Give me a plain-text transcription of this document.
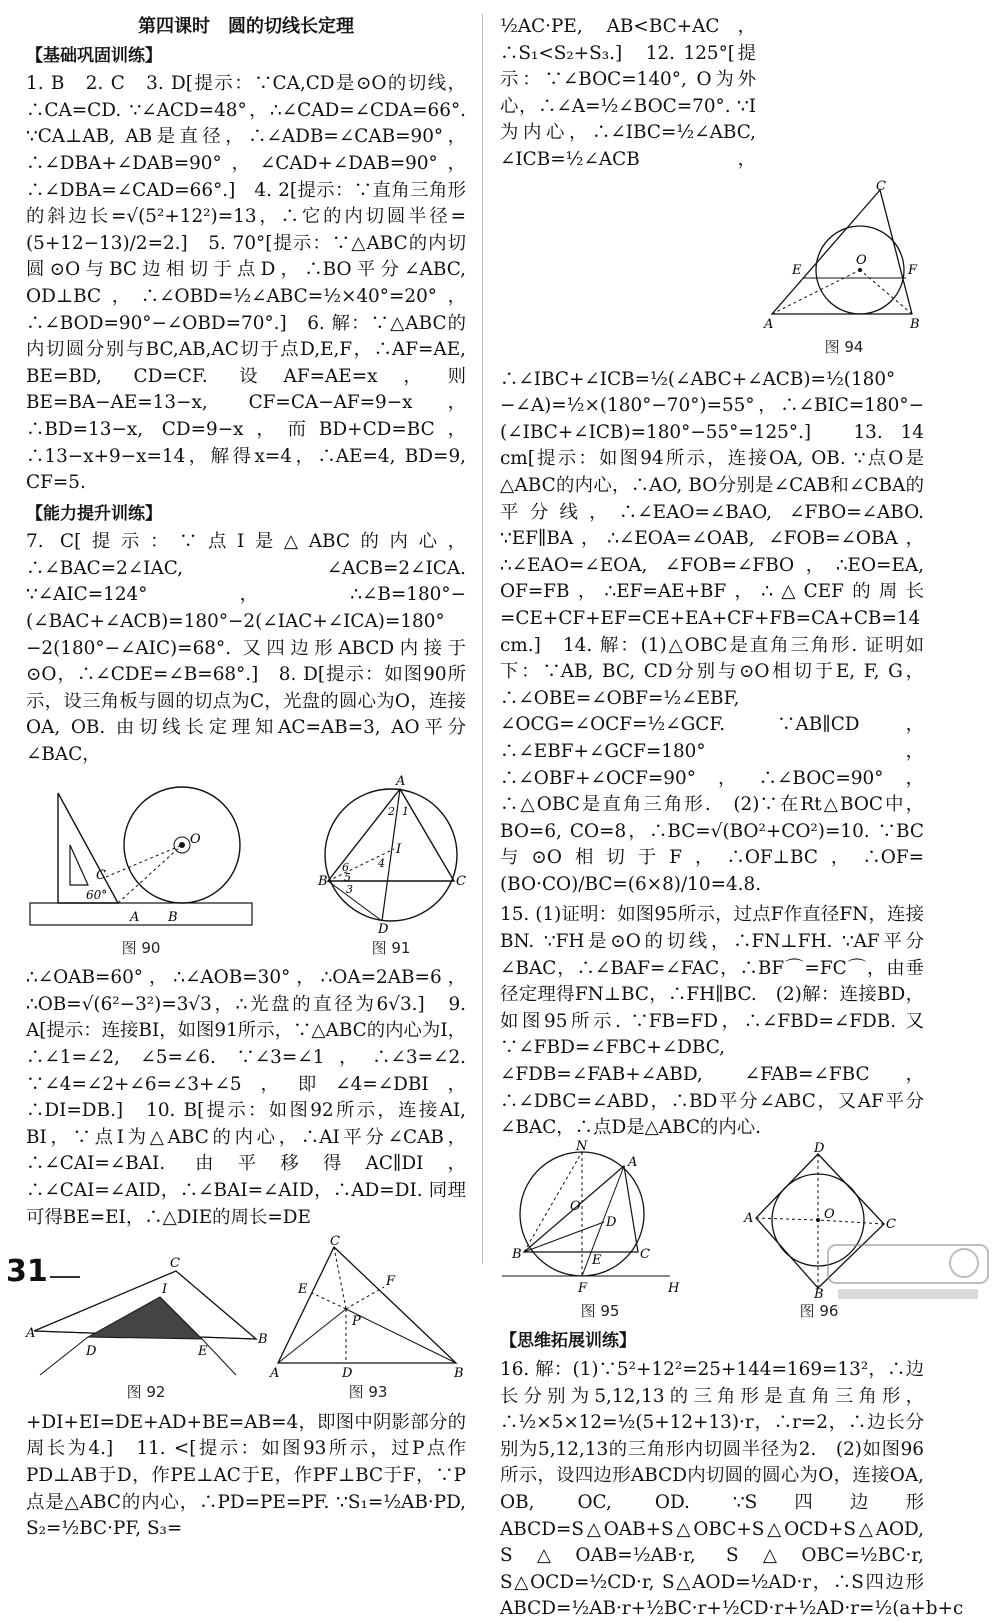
第四课时　圆的切线长定理
【基础巩固训练】

1. B　2. C　3. D[提示：∵CA,CD是⊙O的切线，∴CA=CD. ∵∠ACD=48°，∴∠CAD=∠CDA=66°. ∵CA⊥AB, AB是直径，∴∠ADB=∠CAB=90°，∴∠DBA+∠DAB=90°，∠CAD+∠DAB=90°，∴∠DBA=∠CAD=66°.]　4. 2[提示：∵直角三角形的斜边长=√(5²+12²)=13，∴它的内切圆半径=(5+12−13)/2=2.]　5. 70°[提示：∵△ABC的内切圆⊙O与BC边相切于点D，∴BO平分∠ABC, OD⊥BC，∴∠OBD=½∠ABC=½×40°=20°，∴∠BOD=90°−∠OBD=70°.]　6. 解：∵△ABC的内切圆分别与BC,AB,AC切于点D,E,F，∴AF=AE, BE=BD, CD=CF. 设AF=AE=x，则BE=BA−AE=13−x, CF=CA−AF=9−x，∴BD=13−x, CD=9−x，而BD+CD=BC，∴13−x+9−x=14，解得x=4，∴AE=4, BD=9, CF=5.

【能力提升训练】

7. C[提示：∵点I是△ABC的内心，∴∠BAC=2∠IAC, ∠ACB=2∠ICA. ∵∠AIC=124°，∴∠B=180°−(∠BAC+∠ACB)=180°−2(∠IAC+∠ICA)=180°−2(180°−∠AIC)=68°. 又四边形ABCD内接于⊙O，∴∠CDE=∠B=68°.]　8. D[提示：如图90所示，设三角板与圆的切点为C，光盘的圆心为O，连接OA, OB. 由切线长定理知AC=AB=3, AO平分∠BAC，

O
C
60°
A B
图 90
I
A
B	C
D
2 1
4
6
5
3
图 91

∴∠OAB=60°，∴∠AOB=30°，∴OA=2AB=6，∴OB=√(6²−3²)=3√3，∴光盘的直径为6√3.]　9. A[提示：连接BI，如图91所示，∵△ABC的内心为I，∴∠1=∠2, ∠5=∠6. ∵∠3=∠1，∴∠3=∠2. ∵∠4=∠2+∠6=∠3+∠5，即∠4=∠DBI，∴DI=DB.]　10. B[提示：如图92所示，连接AI, BI，∵点I为△ABC的内心，∴AI平分∠CAB，∴∠CAI=∠BAI. 由平移得AC∥DI，∴∠CAI=∠AID，∴∠BAI=∠AID，∴AD=DI. 同理可得BE=EI，∴△DIE的周长=DE

C
I
A	B
D	E
图 92
C
E
F
P
A	D	B
图 93

+DI+EI=DE+AD+BE=AB=4，即图中阴影部分的周长为4.]　11. <[提示：如图93所示，过P点作PD⊥AB于D，作PE⊥AC于E，作PF⊥BC于F，∵P点是△ABC的内心，∴PD=PE=PF. ∵S₁=½AB·PD, S₂=½BC·PF, S₃=

C
E
O
F
A	B
图 94

½AC·PE, AB<BC+AC，∴S₁<S₂+S₃.]　12. 125°[提示：∵∠BOC=140°, O为外心，∴∠A=½∠BOC=70°. ∵I为内心，∴∠IBC=½∠ABC, ∠ICB=½∠ACB，∴∠IBC+∠ICB=½(∠ABC+∠ACB)=½(180°−∠A)=½×(180°−70°)=55°，∴∠BIC=180°−(∠IBC+∠ICB)=180°−55°=125°.]　13. 14 cm[提示：如图94所示，连接OA, OB. ∵点O是△ABC的内心，∴AO, BO分别是∠CAB和∠CBA的平分线，∴∠EAO=∠BAO, ∠FBO=∠ABO. ∵EF∥BA，∴∠EOA=∠OAB, ∠FOB=∠OBA，∴∠EAO=∠EOA, ∠FOB=∠FBO，∴EO=EA, OF=FB，∴EF=AE+BF，∴△CEF的周长=CE+CF+EF=CE+EA+CF+FB=CA+CB=14 cm.]　14. 解：(1)△OBC是直角三角形. 证明如下：∵AB, BC, CD分别与⊙O相切于E, F, G，∴∠OBE=∠OBF=½∠EBF, ∠OCG=∠OCF=½∠GCF. ∵AB∥CD，∴∠EBF+∠GCF=180°，∴∠OBF+∠OCF=90°，∴∠BOC=90°，∴△OBC是直角三角形.　(2)∵在Rt△BOC中，BO=6, CO=8，∴BC=√(BO²+CO²)=10. ∵BC与⊙O相切于F，∴OF⊥BC，∴OF=(BO·CO)/BC=(6×8)/10=4.8.

15. (1)证明：如图95所示，过点F作直径FN，连接BN. ∵FH是⊙O的切线，∴FN⊥FH. ∵AF平分∠BAC，∴∠BAF=∠FAC，∴BF⌒=FC⌒，由垂径定理得FN⊥BC，∴FH∥BC.　(2)解：连接BD，如图95所示. ∵FB=FD，∴∠FBD=∠FDB. 又∵∠FBD=∠FBC+∠DBC, ∠FDB=∠FAB+∠ABD, ∠FAB=∠FBC，∴∠DBC=∠ABD，∴BD平分∠ABC，又AF平分∠BAC，∴点D是△ABC的内心.

N
A
O
D
B	E	C
F	H
图 95
D
A	O
C
B
图 96
【思维拓展训练】

16. 解：(1)∵5²+12²=25+144=169=13²，∴边长分别为5,12,13的三角形是直角三角形，∴½×5×12=½(5+12+13)·r，∴r=2，∴边长分别为5,12,13的三角形内切圆半径为2.　(2)如图96所示，设四边形ABCD内切圆的圆心为O，连接OA, OB, OC, OD. ∵S四边形ABCD=S△OAB+S△OBC+S△OCD+S△AOD, S△OAB=½AB·r, S△OBC=½BC·r, S△OCD=½CD·r, S△AOD=½AD·r，∴S四边形ABCD=½AB·r+½BC·r+½CD·r+½AD·r=½(a+b+c

31
